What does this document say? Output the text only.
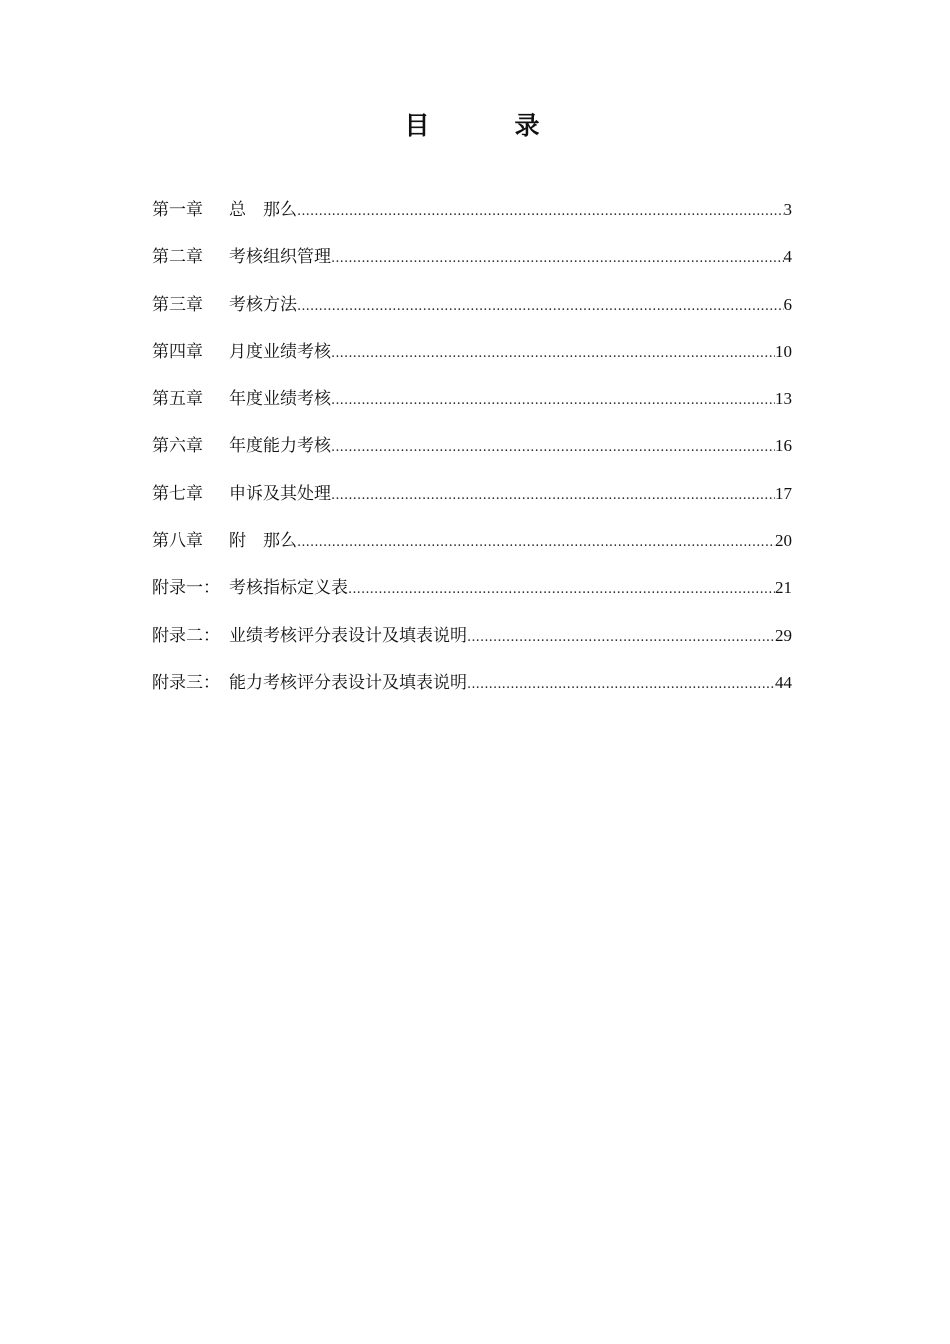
目　录
第一章	总　那么 .....	3
第二章	考核组织管理 .....	4
第三章	考核方法 .....	6
第四章	月度业绩考核 .....	10
第五章	年度业绩考核 .....	13
第六章	年度能力考核 .....	16
第七章	申诉及其处理 .....	17
第八章	附　那么 .....	20
附录一： 考核指标定义表 .....	21
附录二： 业绩考核评分表设计及填表说明 .....	29
附录三： 能力考核评分表设计及填表说明 .....	44
